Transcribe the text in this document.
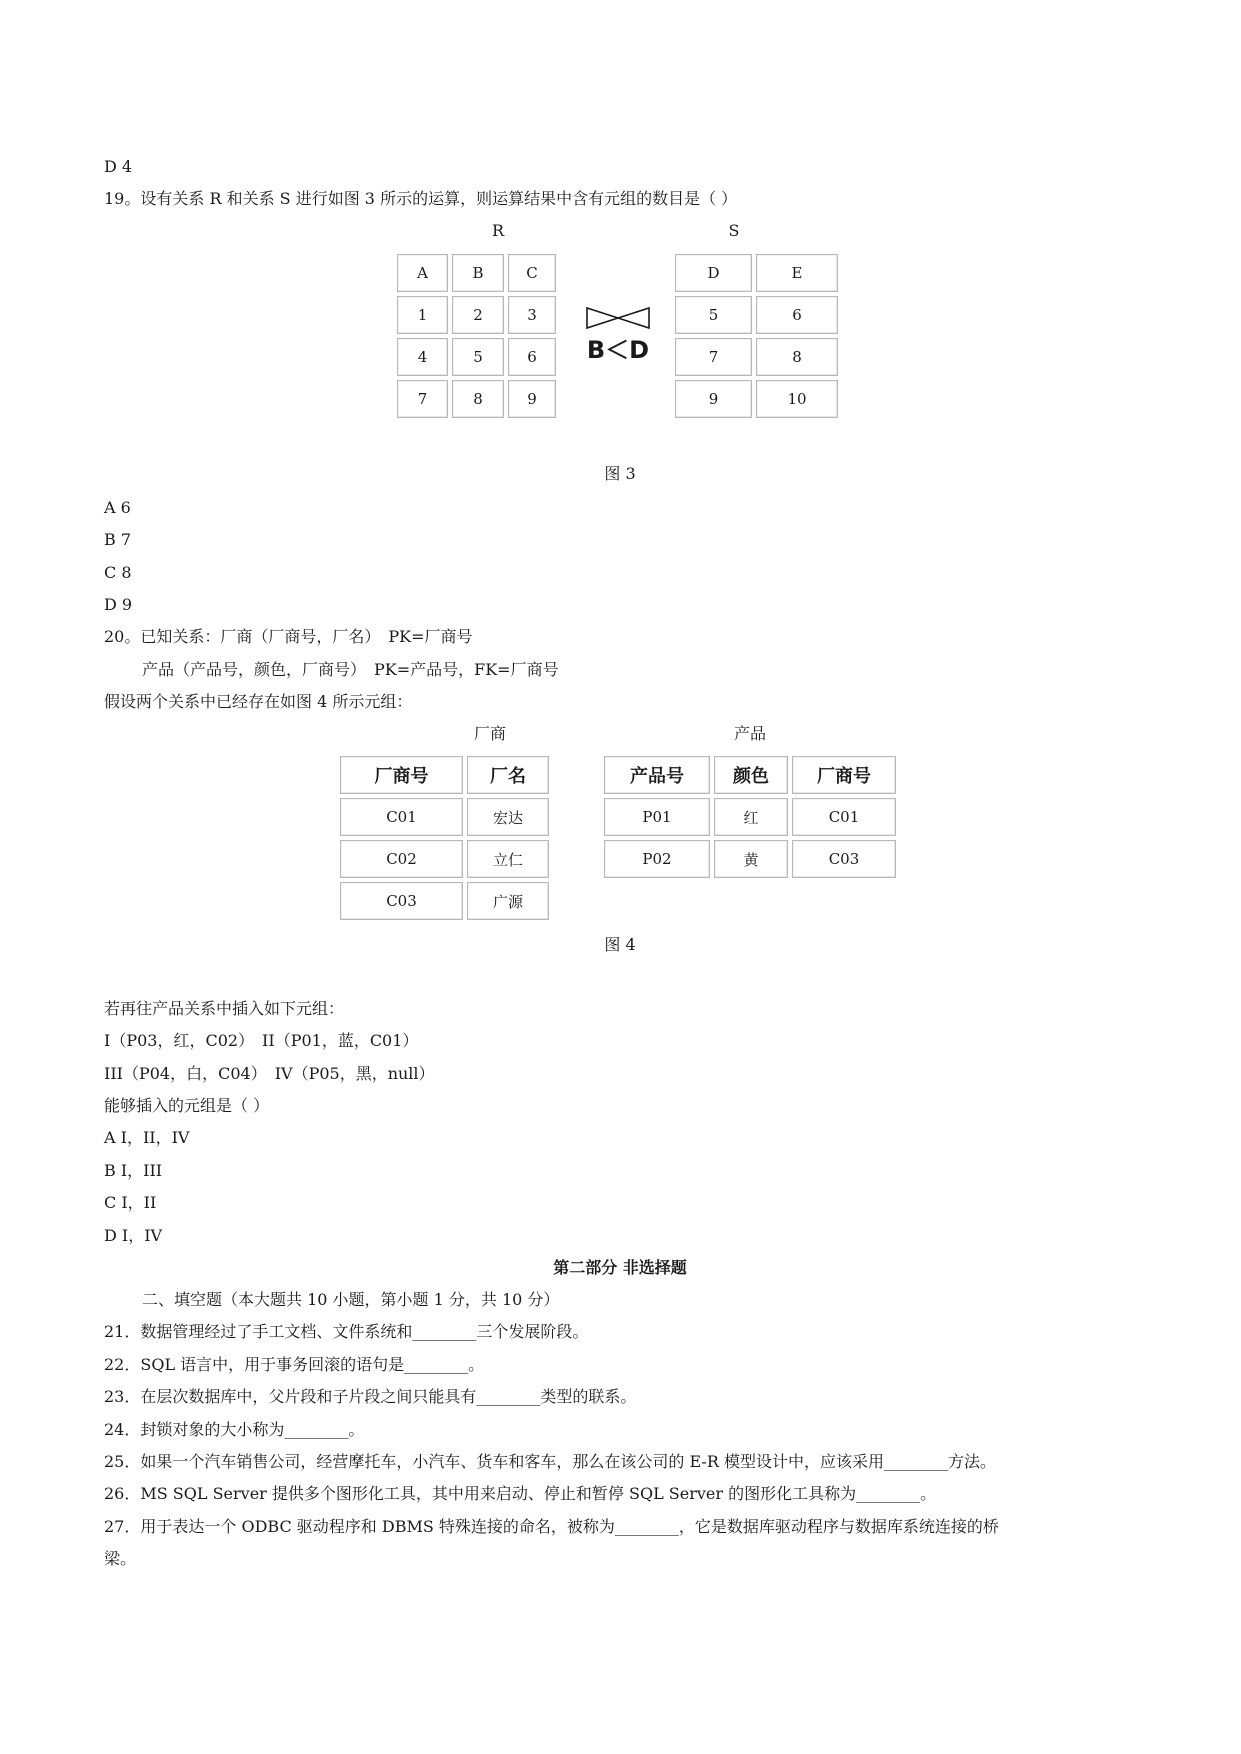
D 4
19。设有关系 R 和关系 S 进行如图 3 所示的运算，则运算结果中含有元组的数目是（ ）
R	S
A	B	C
1	2	3
4	5	6
7	8	9
B＜D
D	E
5	6
7	8
9	10
图 3
A 6
B 7
C 8
D 9
20。已知关系：厂商（厂商号，厂名）　PK=厂商号
产品（产品号，颜色，厂商号）　PK=产品号，FK=厂商号
假设两个关系中已经存在如图 4 所示元组：
厂商	产品
厂商号	厂名
C01	宏达
C02	立仁
C03	广源
产品号	颜色	厂商号
P01	红	C01
P02	黄	C03
图 4
若再往产品关系中插入如下元组：
I（P03，红，C02）　II（P01，蓝，C01）
III（P04，白，C04）　IV（P05，黑，null）
能够插入的元组是（ ）
A I，II，IV
B I，III
C I，II
D I，IV
第二部分 非选择题
二、填空题（本大题共 10 小题，第小题 1 分，共 10 分）
21．数据管理经过了手工文档、文件系统和________三个发展阶段。
22．SQL 语言中，用于事务回滚的语句是________。
23．在层次数据库中，父片段和子片段之间只能具有________类型的联系。
24．封锁对象的大小称为________。
25．如果一个汽车销售公司，经营摩托车，小汽车、货车和客车，那么在该公司的 E-R 模型设计中，应该采用________方法。
26．MS SQL Server 提供多个图形化工具，其中用来启动、停止和暂停 SQL Server 的图形化工具称为________。
27．用于表达一个 ODBC 驱动程序和 DBMS 特殊连接的命名，被称为________，它是数据库驱动程序与数据库系统连接的桥
梁。
